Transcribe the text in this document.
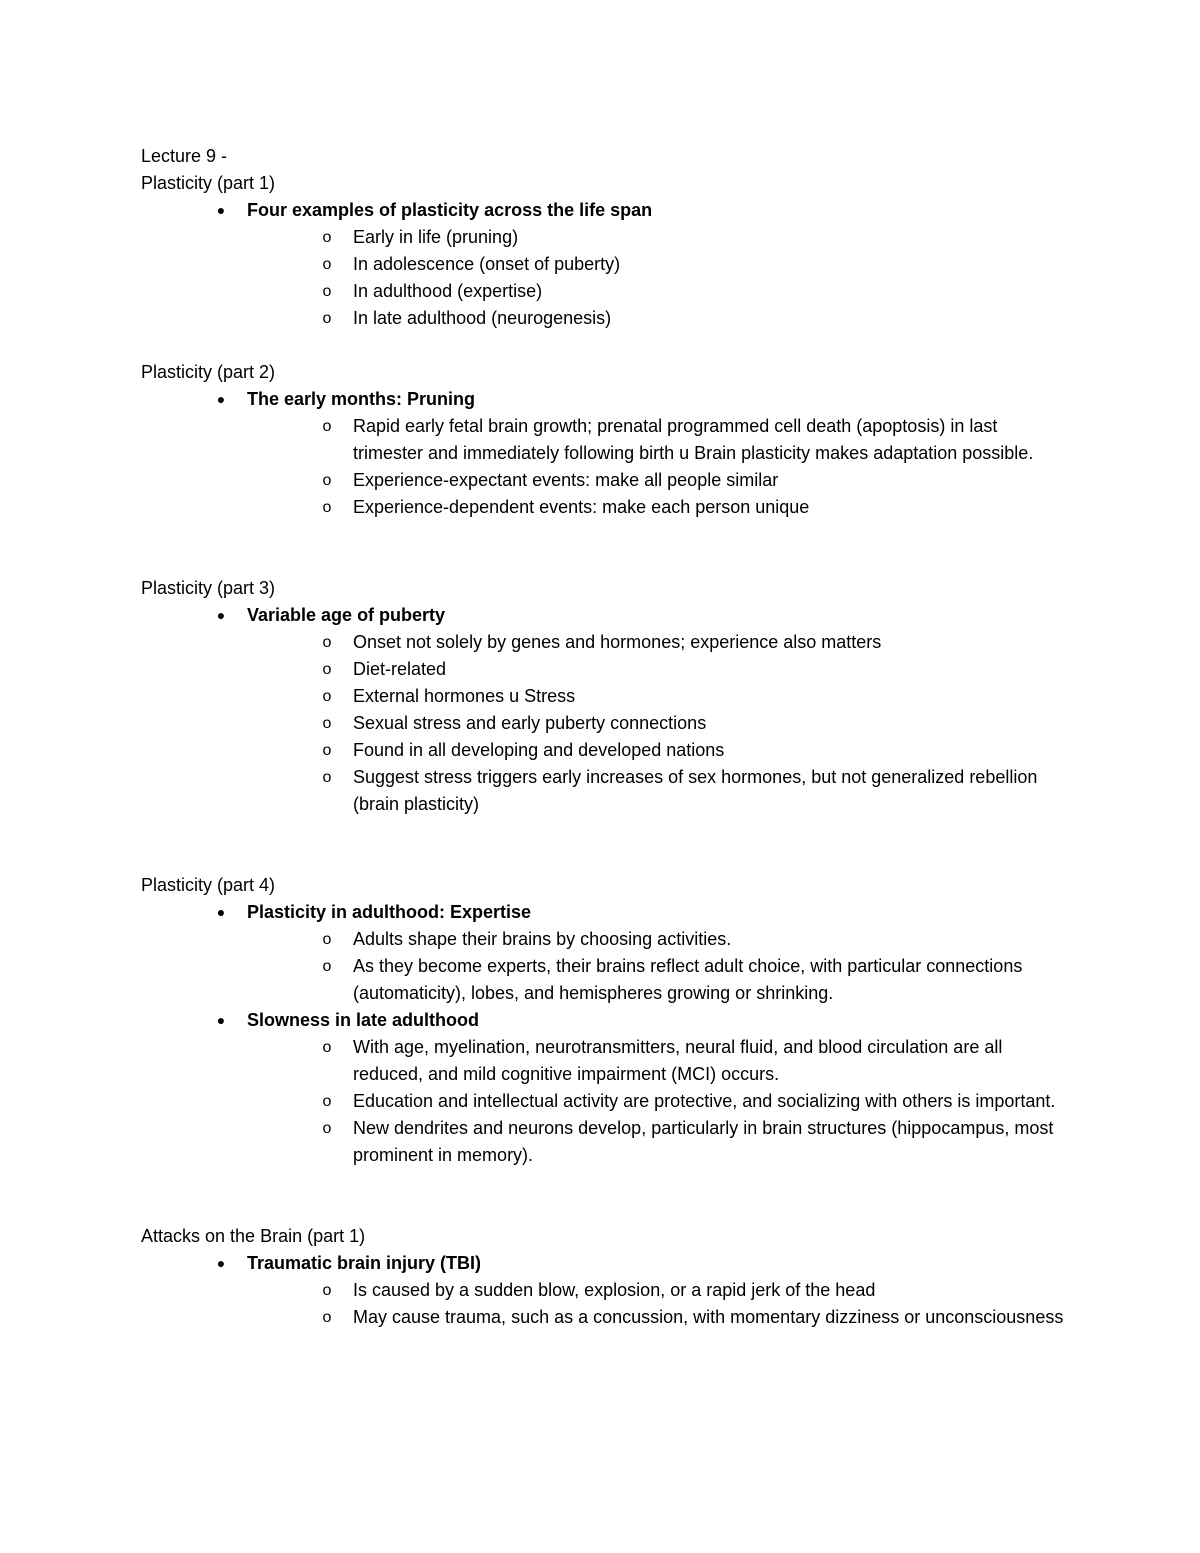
Lecture 9 -

Plasticity (part 1)

● Four examples of plasticity across the life span
o Early in life (pruning)
o In adolescence (onset of puberty)
o In adulthood (expertise)
o In late adulthood (neurogenesis)

Plasticity (part 2)

● The early months: Pruning
o Rapid early fetal brain growth; prenatal programmed cell death (apoptosis) in last trimester and immediately following birth u Brain plasticity makes adaptation possible.
o Experience-expectant events: make all people similar
o Experience-dependent events: make each person unique

Plasticity (part 3)

● Variable age of puberty
o Onset not solely by genes and hormones; experience also matters
o Diet-related
o External hormones u Stress
o Sexual stress and early puberty connections
o Found in all developing and developed nations
o Suggest stress triggers early increases of sex hormones, but not generalized rebellion (brain plasticity)

Plasticity (part 4)

● Plasticity in adulthood: Expertise
o Adults shape their brains by choosing activities.
o As they become experts, their brains reflect adult choice, with particular connections (automaticity), lobes, and hemispheres growing or shrinking.
● Slowness in late adulthood
o With age, myelination, neurotransmitters, neural fluid, and blood circulation are all reduced, and mild cognitive impairment (MCI) occurs.
o Education and intellectual activity are protective, and socializing with others is important.
o New dendrites and neurons develop, particularly in brain structures (hippocampus, most prominent in memory).

Attacks on the Brain (part 1)

● Traumatic brain injury (TBI)
o Is caused by a sudden blow, explosion, or a rapid jerk of the head
o May cause trauma, such as a concussion, with momentary dizziness or unconsciousness
